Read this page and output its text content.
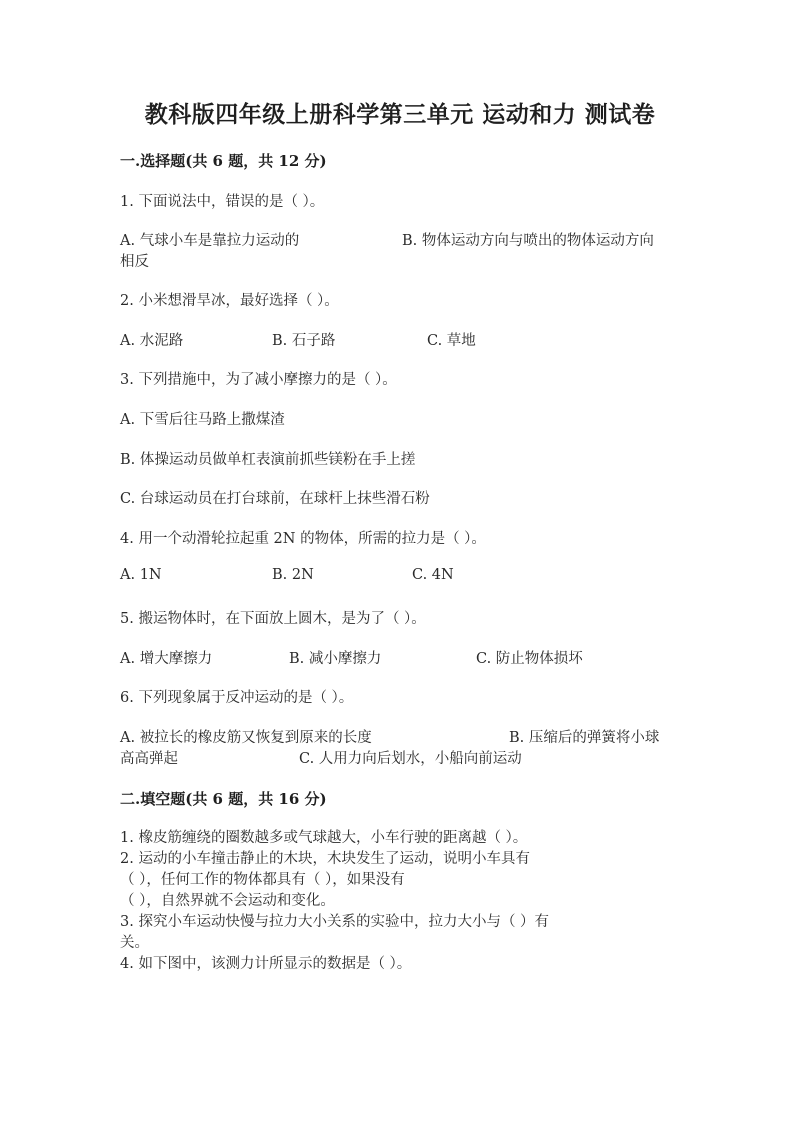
教科版四年级上册科学第三单元 运动和力 测试卷
一.选择题(共 6 题，共 12 分)
1. 下面说法中，错误的是（ ）。
A. 气球小车是靠拉力运动的	B. 物体运动方向与喷出的物体运动方向
相反
2. 小米想滑旱冰，最好选择（ ）。
A. 水泥路	B. 石子路	C. 草地
3. 下列措施中，为了减小摩擦力的是（ ）。
A. 下雪后往马路上撒煤渣
B. 体操运动员做单杠表演前抓些镁粉在手上搓
C. 台球运动员在打台球前，在球杆上抹些滑石粉
4. 用一个动滑轮拉起重 2N 的物体，所需的拉力是（ ）。
A. 1N	B. 2N	C. 4N
5. 搬运物体时，在下面放上圆木，是为了（ ）。
A. 增大摩擦力	B. 减小摩擦力	C. 防止物体损坏
6. 下列现象属于反冲运动的是（ ）。
A. 被拉长的橡皮筋又恢复到原来的长度	B. 压缩后的弹簧将小球
高高弹起	C. 人用力向后划水，小船向前运动
二.填空题(共 6 题，共 16 分)
1. 橡皮筋缠绕的圈数越多或气球越大，小车行驶的距离越（ ）。
2. 运动的小车撞击静止的木块，木块发生了运动，说明小车具有
（ ），任何工作的物体都具有（ ），如果没有
（ ），自然界就不会运动和变化。
3. 探究小车运动快慢与拉力大小关系的实验中，拉力大小与（ ）有
关。
4. 如下图中，该测力计所显示的数据是（ ）。
